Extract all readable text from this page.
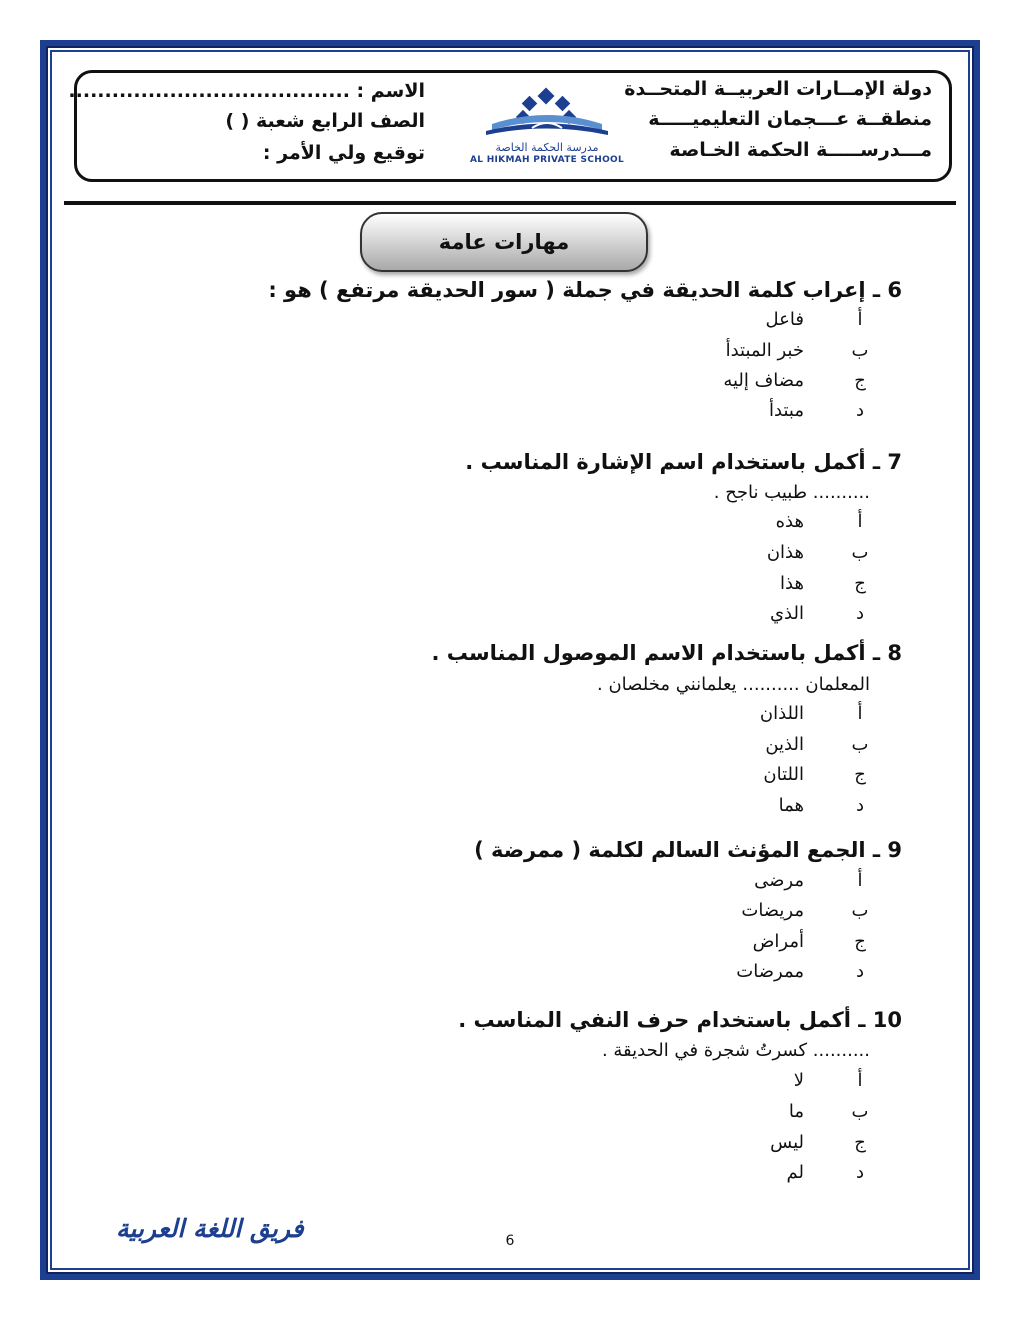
دولة الإمــارات العربيــة المتحــدة
منطقــة عـــجمان التعليميـــــة
مـــدرســـــة الحكمة الخـاصة
الاسم : .......................................
الصف الرابع شعبة ( )
توقيع ولي الأمر :	مدرسة الحكمة الخاصة
AL HIKMAH PRIVATE SCHOOL
مهارات عامة
6 ـ إعراب كلمة الحديقة في جملة ( سور الحديقة مرتفع ) هو :
أ
فاعل
ب
خبر المبتدأ
ج
مضاف إليه
د
مبتدأ
7 ـ أكمل باستخدام اسم الإشارة المناسب .
.......... طبيب ناجح .
أ
هذه
ب
هذان
ج
هذا
د
الذي
8 ـ أكمل باستخدام الاسم الموصول المناسب .
المعلمان .......... يعلمانني مخلصان .
أ
اللذان
ب
الذين
ج
اللتان
د
هما
9 ـ الجمع المؤنث السالم لكلمة ( ممرضة )
أ
مرضى
ب
مريضات
ج
أمراض
د
ممرضات
10 ـ أكمل باستخدام حرف النفي المناسب .
.......... كسرتُ شجرة في الحديقة .
أ
لا
ب
ما
ج
ليس
د
لم
فريق اللغة العربية	6
